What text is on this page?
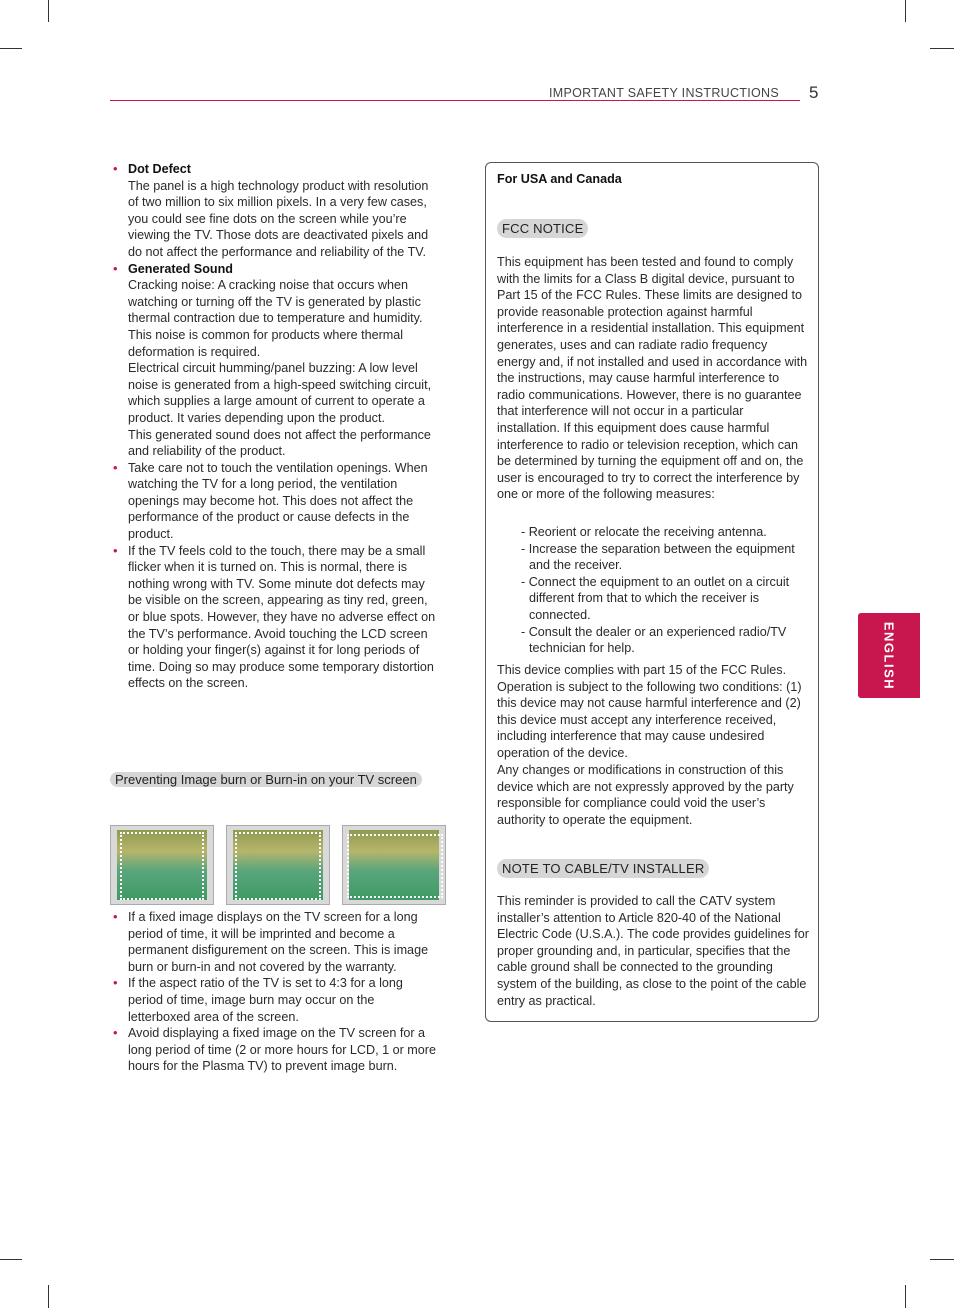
IMPORTANT SAFETY INSTRUCTIONS 5
ENGLISH
• Dot Defect
The panel is a high technology product with resolution of two million to six million pixels. In a very few cases, you could see fine dots on the screen while you’re viewing the TV. Those dots are deactivated pixels and do not affect the performance and reliability of the TV.
• Generated Sound
Cracking noise: A cracking noise that occurs when watching or turning off the TV is generated by plastic thermal contraction due to temperature and humidity. This noise is common for products where thermal deformation is required.
Electrical circuit humming/panel buzzing: A low level noise is generated from a high-speed switching circuit, which supplies a large amount of current to operate a product. It varies depending upon the product.
This generated sound does not affect the performance and reliability of the product.
• Take care not to touch the ventilation openings. When watching the TV for a long period, the ventilation openings may become hot. This does not affect the performance of the product or cause defects in the product.
• If the TV feels cold to the touch, there may be a small flicker when it is turned on. This is normal, there is nothing wrong with TV. Some minute dot defects may be visible on the screen, appearing as tiny red, green, or blue spots. However, they have no adverse effect on the TV’s performance. Avoid touching the LCD screen or holding your finger(s) against it for long periods of time. Doing so may produce some temporary distortion effects on the screen.
Preventing Image burn or Burn-in on your TV screen
• If a fixed image displays on the TV screen for a long period of time, it will be imprinted and become a permanent disfigurement on the screen. This is image burn or burn-in and not covered by the warranty.
• If the aspect ratio of the TV is set to 4:3 for a long period of time, image burn may occur on the letterboxed area of the screen.
• Avoid displaying a fixed image on the TV screen for a long period of time (2 or more hours for LCD, 1 or more hours for the Plasma TV) to prevent image burn.
For USA and Canada
FCC NOTICE

This equipment has been tested and found to comply with the limits for a Class B digital device, pursuant to Part 15 of the FCC Rules. These limits are designed to provide reasonable protection against harmful interference in a residential installation. This equipment generates, uses and can radiate radio frequency energy and, if not installed and used in accordance with the instructions, may cause harmful interference to radio communications. However, there is no guarantee that interference will not occur in a particular installation. If this equipment does cause harmful interference to radio or television reception, which can be determined by turning the equipment off and on, the user is encouraged to try to correct the interference by one or more of the following measures:

- Reorient or relocate the receiving antenna.
- Increase the separation between the equipment and the receiver.
- Connect the equipment to an outlet on a circuit different from that to which the receiver is connected.
- Consult the dealer or an experienced radio/TV technician for help.

This device complies with part 15 of the FCC Rules. Operation is subject to the following two conditions: (1) this device may not cause harmful interference and (2) this device must accept any interference received, including interference that may cause undesired operation of the device.

Any changes or modifications in construction of this device which are not expressly approved by the party responsible for compliance could void the user’s authority to operate the equipment.

NOTE TO CABLE/TV INSTALLER

This reminder is provided to call the CATV system installer’s attention to Article 820-40 of the National Electric Code (U.S.A.). The code provides guidelines for proper grounding and, in particular, specifies that the cable ground shall be connected to the grounding system of the building, as close to the point of the cable entry as practical.
